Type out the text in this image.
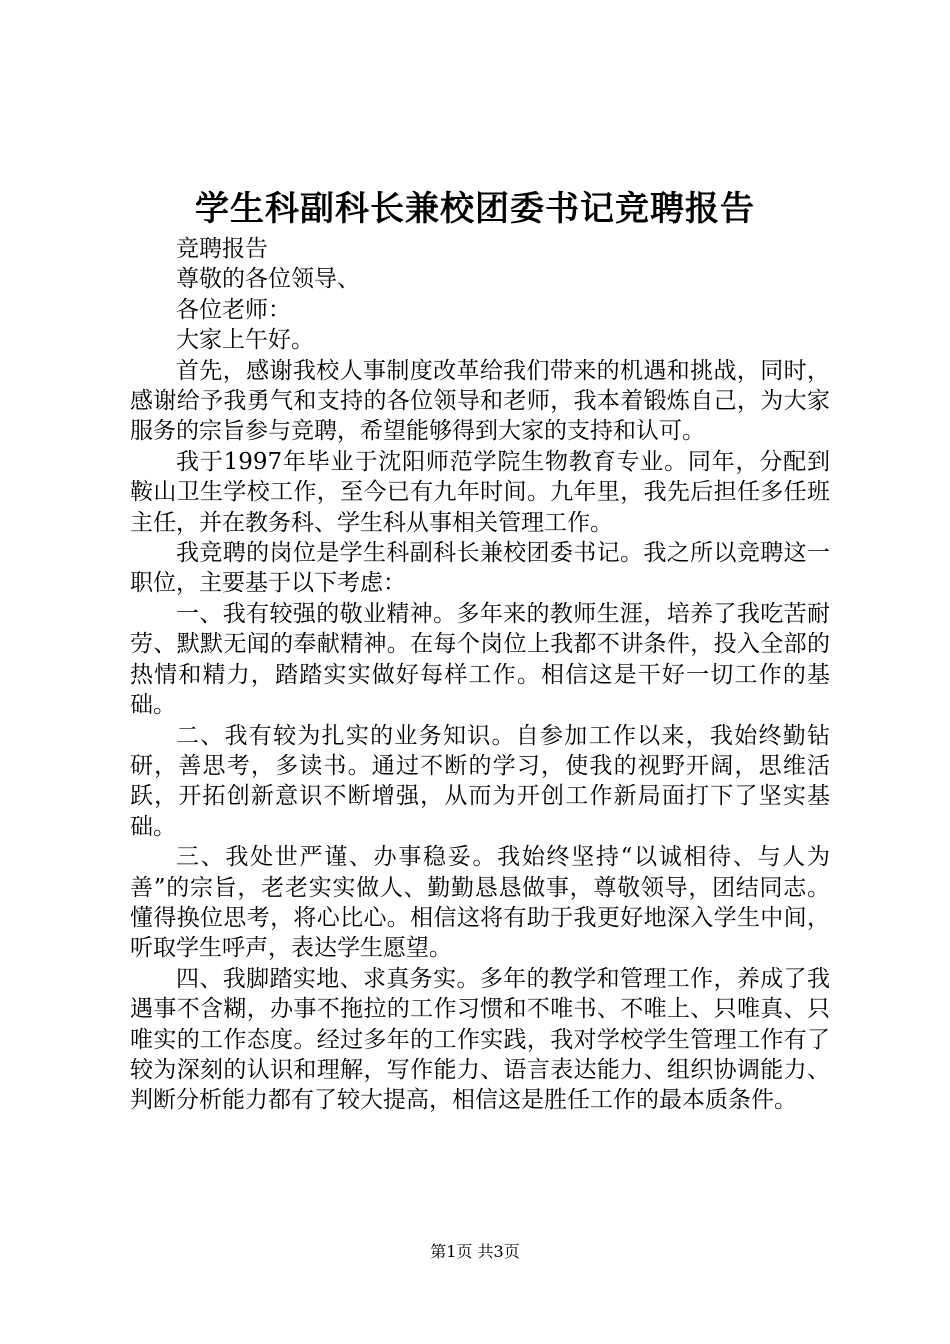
学生科副科长兼校团委书记竞聘报告

竞聘报告

尊敬的各位领导、

各位老师：

大家上午好。

首先，感谢我校人事制度改革给我们带来的机遇和挑战，同时，感谢给予我勇气和支持的各位领导和老师，我本着锻炼自己，为大家服务的宗旨参与竞聘，希望能够得到大家的支持和认可。

我于1997年毕业于沈阳师范学院生物教育专业。同年，分配到鞍山卫生学校工作，至今已有九年时间。九年里，我先后担任多任班主任，并在教务科、学生科从事相关管理工作。

我竞聘的岗位是学生科副科长兼校团委书记。我之所以竞聘这一职位，主要基于以下考虑：

一、我有较强的敬业精神。多年来的教师生涯，培养了我吃苦耐劳、默默无闻的奉献精神。在每个岗位上我都不讲条件，投入全部的热情和精力，踏踏实实做好每样工作。相信这是干好一切工作的基础。

二、我有较为扎实的业务知识。自参加工作以来，我始终勤钻研，善思考，多读书。通过不断的学习，使我的视野开阔，思维活跃，开拓创新意识不断增强，从而为开创工作新局面打下了坚实基础。

三、我处世严谨、办事稳妥。我始终坚持“以诚相待、与人为善”的宗旨，老老实实做人、勤勤恳恳做事，尊敬领导，团结同志。懂得换位思考，将心比心。相信这将有助于我更好地深入学生中间，听取学生呼声，表达学生愿望。

四、我脚踏实地、求真务实。多年的教学和管理工作，养成了我遇事不含糊，办事不拖拉的工作习惯和不唯书、不唯上、只唯真、只唯实的工作态度。经过多年的工作实践，我对学校学生管理工作有了较为深刻的认识和理解，写作能力、语言表达能力、组织协调能力、判断分析能力都有了较大提高，相信这是胜任工作的最本质条件。

第1页 共3页
